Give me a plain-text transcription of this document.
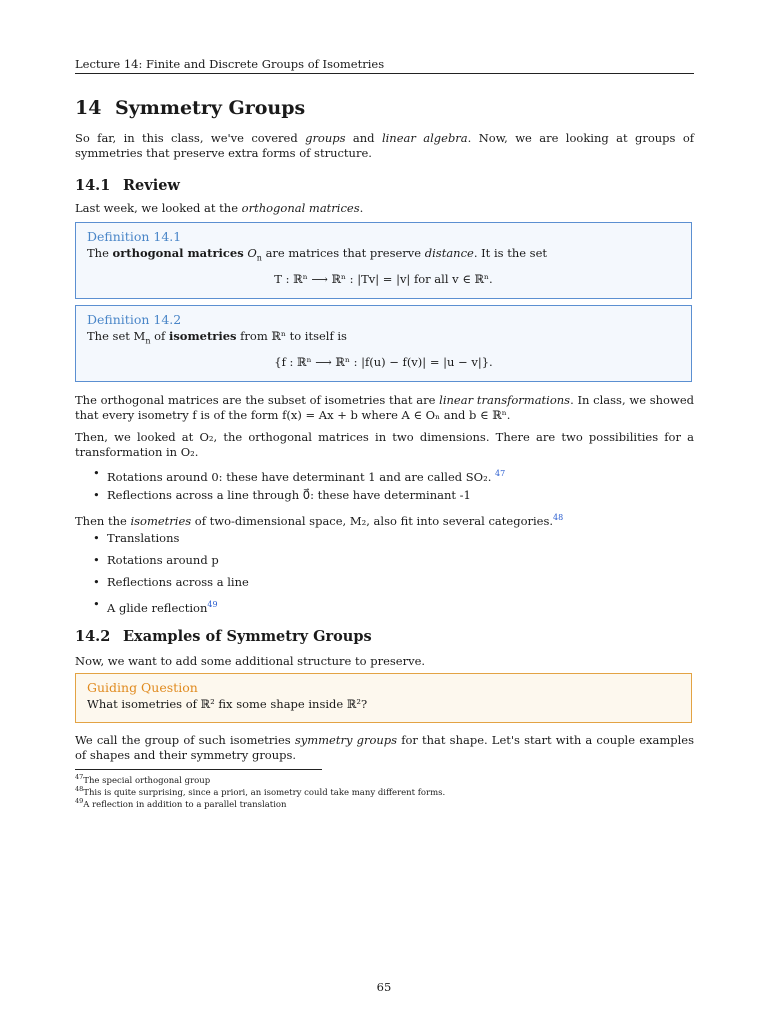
Lecture 14: Finite and Discrete Groups of Isometries
14 Symmetry Groups
So far, in this class, we've covered groups and linear algebra. Now, we are looking at groups of symmetries that preserve extra forms of structure.
14.1 Review
Last week, we looked at the orthogonal matrices.
Definition 14.1
The orthogonal matrices $O_n$ are matrices that preserve distance. It is the set
T : ℝⁿ ⟶ ℝⁿ : |Tv| = |v| for all v ∈ ℝⁿ.
Definition 14.2
The set $M_n$ of isometries from ℝⁿ to itself is
{f : ℝⁿ ⟶ ℝⁿ : |f(u) − f(v)| = |u − v|}.
The orthogonal matrices are the subset of isometries that are linear transformations. In class, we showed that every isometry f is of the form f(x) = Ax + b where A ∈ Oₙ and b ∈ ℝⁿ.
Then, we looked at O₂, the orthogonal matrices in two dimensions. There are two possibilities for a transformation in O₂.
• Rotations around 0: these have determinant 1 and are called SO₂. $^{47}$
• Reflections across a line through 0⃗: these have determinant -1
Then the isometries of two-dimensional space, M₂, also fit into several categories.$^{48}$
• Translations
• Rotations around p
• Reflections across a line
• A glide reflection$^{49}$
14.2 Examples of Symmetry Groups
Now, we want to add some additional structure to preserve.
Guiding Question
What isometries of ℝ² fix some shape inside ℝ²?
We call the group of such isometries symmetry groups for that shape. Let's start with a couple examples of shapes and their symmetry groups.
$^{47}$The special orthogonal group
$^{48}$This is quite surprising, since a priori, an isometry could take many different forms.
$^{49}$A reflection in addition to a parallel translation
65
